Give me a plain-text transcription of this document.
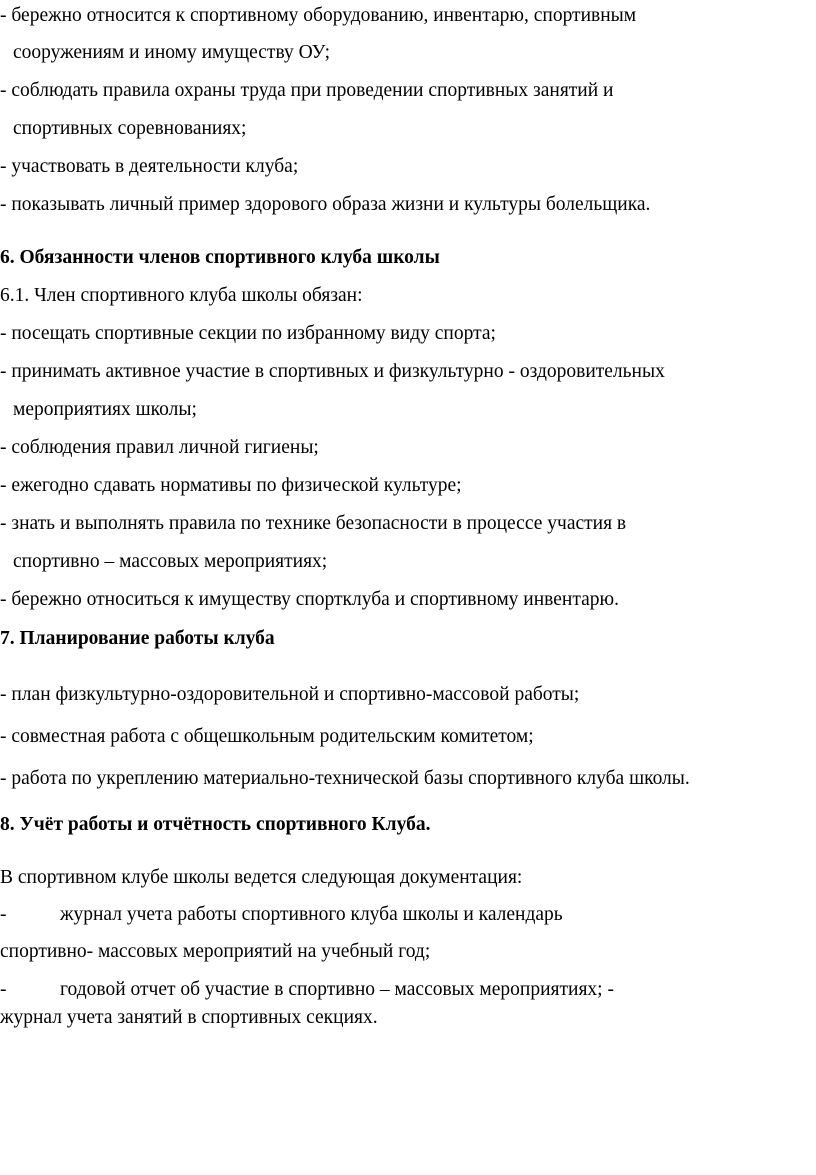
- бережно относится к спортивному оборудованию, инвентарю, спортивным
сооружениям и иному имуществу ОУ;
- соблюдать правила охраны труда при проведении спортивных занятий и
спортивных соревнованиях;
- участвовать в деятельности клуба;
- показывать личный пример здорового образа жизни и культуры болельщика.
6. Обязанности членов спортивного клуба школы
6.1. Член спортивного клуба школы обязан:
- посещать спортивные секции по избранному виду спорта;
- принимать активное участие в спортивных и физкультурно - оздоровительных
мероприятиях школы;
- соблюдения правил личной гигиены;
- ежегодно сдавать нормативы по физической культуре;
- знать и выполнять правила по технике безопасности в процессе участия в
спортивно – массовых мероприятиях;
- бережно относиться к имуществу спортклуба и спортивному инвентарю.
7. Планирование работы клуба
- план физкультурно-оздоровительной и спортивно-массовой работы;
- совместная работа с общешкольным родительским комитетом;
- работа по укреплению материально-технической базы спортивного клуба школы.
8. Учёт работы и отчётность спортивного Клуба.
В спортивном клубе школы ведется следующая документация:
-	журнал учета работы спортивного клуба школы и календарь
спортивно- массовых мероприятий на учебный год;
-	годовой отчет об участие в спортивно – массовых мероприятиях; -
журнал учета занятий в спортивных секциях.
